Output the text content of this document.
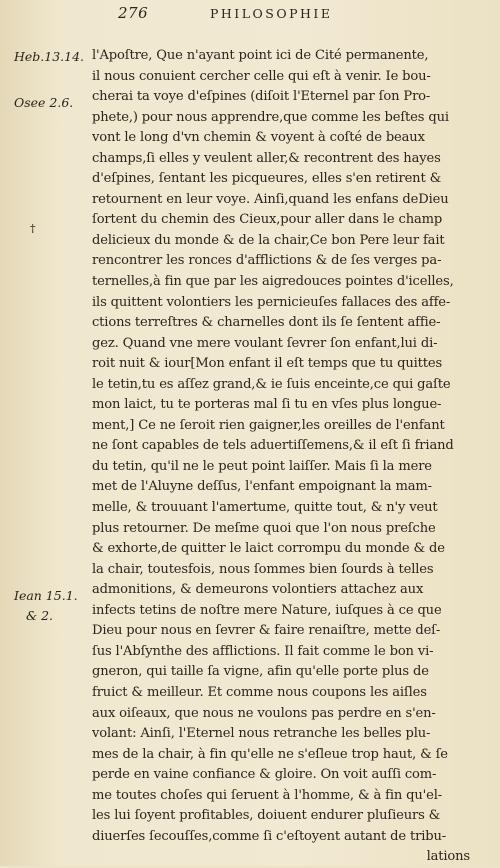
276	PHILOSOPHIE
Heb.13.14.
Osee 2.6.
†
Iean 15.1.
& 2.
l'Apoſtre, Que n'ayant point ici de Cité permanente,
il nous conuient cercher celle qui eſt à venir. Ie bou-
cherai ta voye d'eſpines (diſoit l'Eternel par ſon Pro-
phete,) pour nous apprendre,que comme les beſtes qui
vont le long d'vn chemin & voyent à coſté de beaux
champs,ſi elles y veulent aller,& recontrent des hayes
d'eſpines, ſentant les picqueures, elles s'en retirent &
retournent en leur voye. Ainſi,quand les enfans deDieu
ſortent du chemin des Cieux,pour aller dans le champ
delicieux du monde & de la chair,Ce bon Pere leur fait
rencontrer les ronces d'afflictions & de ſes verges pa-
ternelles,à fin que par les aigredouces pointes d'icelles,
ils quittent volontiers les pernicieuſes fallaces des affe-
ctions terreſtres & charnelles dont ils ſe ſentent affie-
gez. Quand vne mere voulant ſevrer ſon enfant,lui di-
roit nuit & iour[Mon enfant il eſt temps que tu quittes
le tetin,tu es aſſez grand,& ie ſuis enceinte,ce qui gaſte
mon laict, tu te porteras mal ſi tu en vſes plus longue-
ment,] Ce ne ſeroit rien gaigner,les oreilles de l'enfant
ne ſont capables de tels aduertiſſemens,& il eſt ſi friand
du tetin, qu'il ne le peut point laiſſer. Mais ſi la mere
met de l'Aluyne deſſus, l'enfant empoignant la mam-
melle, & trouuant l'amertume, quitte tout, & n'y veut
plus retourner. De meſme quoi que l'on nous preſche
& exhorte,de quitter le laict corrompu du monde & de
la chair, toutesfois, nous ſommes bien ſourds à telles
admonitions, & demeurons volontiers attachez aux
infects tetins de noſtre mere Nature, iuſques à ce que
Dieu pour nous en ſevrer & faire renaiſtre, mette deſ-
ſus l'Abſynthe des afflictions. Il fait comme le bon vi-
gneron, qui taille ſa vigne, afin qu'elle porte plus de
fruict & meilleur. Et comme nous coupons les aiſles
aux oiſeaux, que nous ne voulons pas perdre en s'en-
volant: Ainſi, l'Eternel nous retranche les belles plu-
mes de la chair, à fin qu'elle ne s'eſleue trop haut, & ſe
perde en vaine confiance & gloire. On voit auſſi com-
me toutes choſes qui ſeruent à l'homme, & à fin qu'el-
les lui ſoyent profitables, doiuent endurer pluſieurs &
diuerſes ſecouſſes,comme ſi c'eſtoyent autant de tribu-
lations
